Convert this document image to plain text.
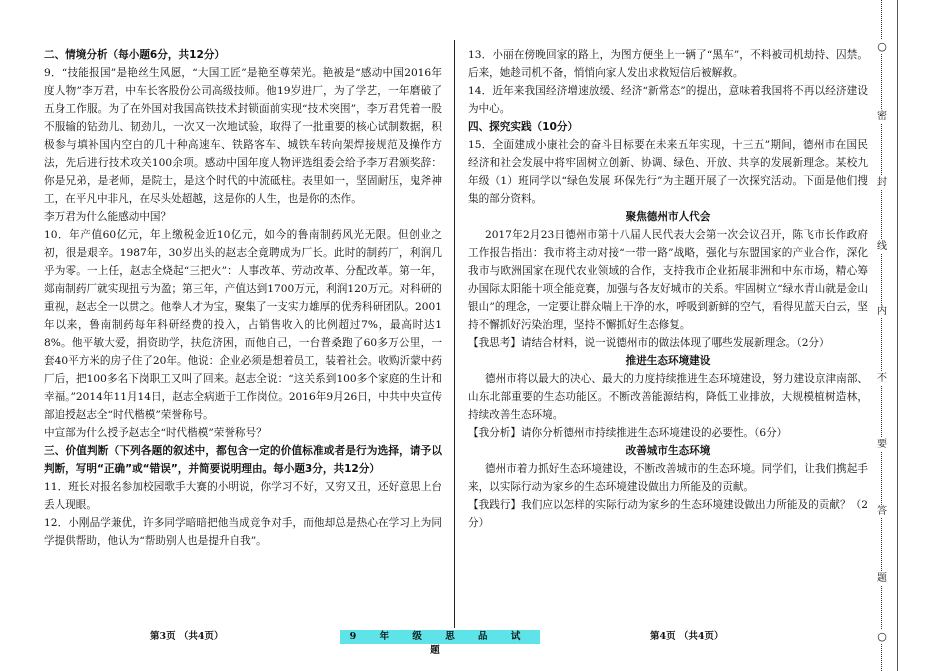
二、情境分析（每小题6分，共12分）
9．“技能报国”是艳丝生风愿，“大国工匠”是艳至尊荣光。艳被是“感动中国2016年度人物”李万君，中车长客股份公司高级技师。他19岁进厂，为了学艺，一年磨破了五身工作服。为了在外国对我国高铁技术封锁面前实现“技术突围”，李万君凭着一股不服输的钻劲儿、韧劲儿，一次又一次地试验，取得了一批重要的核心试制数据，积极参与填补国内空白的几十种高速车、铁路客车、城铁车转向架焊接规范及操作方法，先后进行技术攻关100余项。感动中国年度人物评选组委会给予李万君颁奖辞：你是兄弟，是老师，是院士，是这个时代的中流砥柱。表里如一，坚固耐压，鬼斧神工，在平凡中非凡，在尽头处超越，这是你的人生，也是你的杰作。
李万君为什么能感动中国？
10．年产值60亿元，年上缴税金近10亿元，如今的鲁南制药风光无限。但创业之初，很是艰辛。1987年，30岁出头的赵志全竟聘成为厂长。此时的制药厂，利润几乎为零。一上任，赵志全烧起“三把火”：人事改革、劳动改革、分配改革。第一年，郯南制药厂就实现扭亏为盈；第三年，产值达到1700万元，利润120万元。对科研的重视，赵志全一以贯之。他拳人才为宝，聚集了一支实力雄厚的优秀科研团队。2001年以来，鲁南制药每年科研经费的投入，占销售收入的比例超过7%，最高时达18%。他平敏大爱，捐资助学，扶危济困，而他自己，一台普桑跑了60多万公里，一套40平方米的房子住了20年。他说：企业必须是想着员工，装着社会。收购沂蒙中药厂后，把100多名下岗职工又叫了回来。赵志全说：“这关系到100多个家庭的生计和幸福。”2014年11月14日，赵志全病逝于工作岗位。2016年9月26日，中共中央宣传部追授赵志全“时代楷模”荣誉称号。
中宣部为什么授予赵志全“时代楷模”荣誉称号？
三、价值判断（下列各题的叙述中，都包含一定的价值标准或者是行为选择，请予以判断，写明“正确”或“错误”，并简要说明理由。每小题3分，共12分）
11．班长对报名参加校园歌手大赛的小明说，你学习不好，又穷又丑，还好意思上台丢人现眼。
12．小刚品学兼优，许多同学暗暗把他当成竞争对手，而他却总是热心在学习上为同学提供帮助，他认为“帮助别人也是提升自我”。
13．小丽在傍晚回家的路上，为图方便坐上一辆了“黑车”，不料被司机劫持、囚禁。后来，她趁司机不备，悄悄向家人发出求救短信后被解救。
14．近年来我国经济增速放缓、经济“新常态”的提出，意味着我国将不再以经济建设为中心。
四、探究实践（10分）
15．全面建成小康社会的奋斗目标要在未来五年实现，十三五”期间，德州市在国民经济和社会发展中将牢固树立创新、协调、绿色、开放、共享的发展新理念。某校九年级（1）班同学以“绿色发展 环保先行”为主题开展了一次探究活动。下面是他们搜集的部分资料。
聚焦德州市人代会
2017年2月23日德州市第十八届人民代表大会第一次会议召开，陈飞市长作政府工作报告指出：我市将主动对接“一带一路”战略，强化与东盟国家的产业合作，深化我市与欧洲国家在现代农业领域的合作，支持我市企业拓展非洲和中东市场，精心筹办国际太阳能十项全能竞赛，加强与各友好城市的关系。牢固树立“绿水青山就是金山银山”的理念，一定要让群众喘上干净的水，呼吸到新鲜的空气，看得见蓝天白云，坚持不懈抓好污染治理，坚持不懈抓好生态修复。
【我思考】请结合材料，说一说德州市的做法体现了哪些发展新理念。（2分）
推进生态环境建设
德州市将以最大的决心、最大的力度持续推进生态环境建设，努力建设京津南部、山东北部重要的生态功能区。不断改善能源结构，降低工业排放，大规模植树造林，持续改善生态环境。
【我分析】请你分析德州市持续推进生态环境建设的必要性。（6分）
改善城市生态环境
德州市着力抓好生态环境建设，不断改善城市的生态环境。同学们，让我们携起手来，以实际行动为家乡的生态环境建设做出力所能及的贡献。
【我践行】我们应以怎样的实际行动为家乡的生态环境建设做出力所能及的贡献？（2分）
第3页 （共4页）	9 年 级 思 品 试 题
第4页 （共4页）
○
密
封
线
内
不
要
答
题
○
